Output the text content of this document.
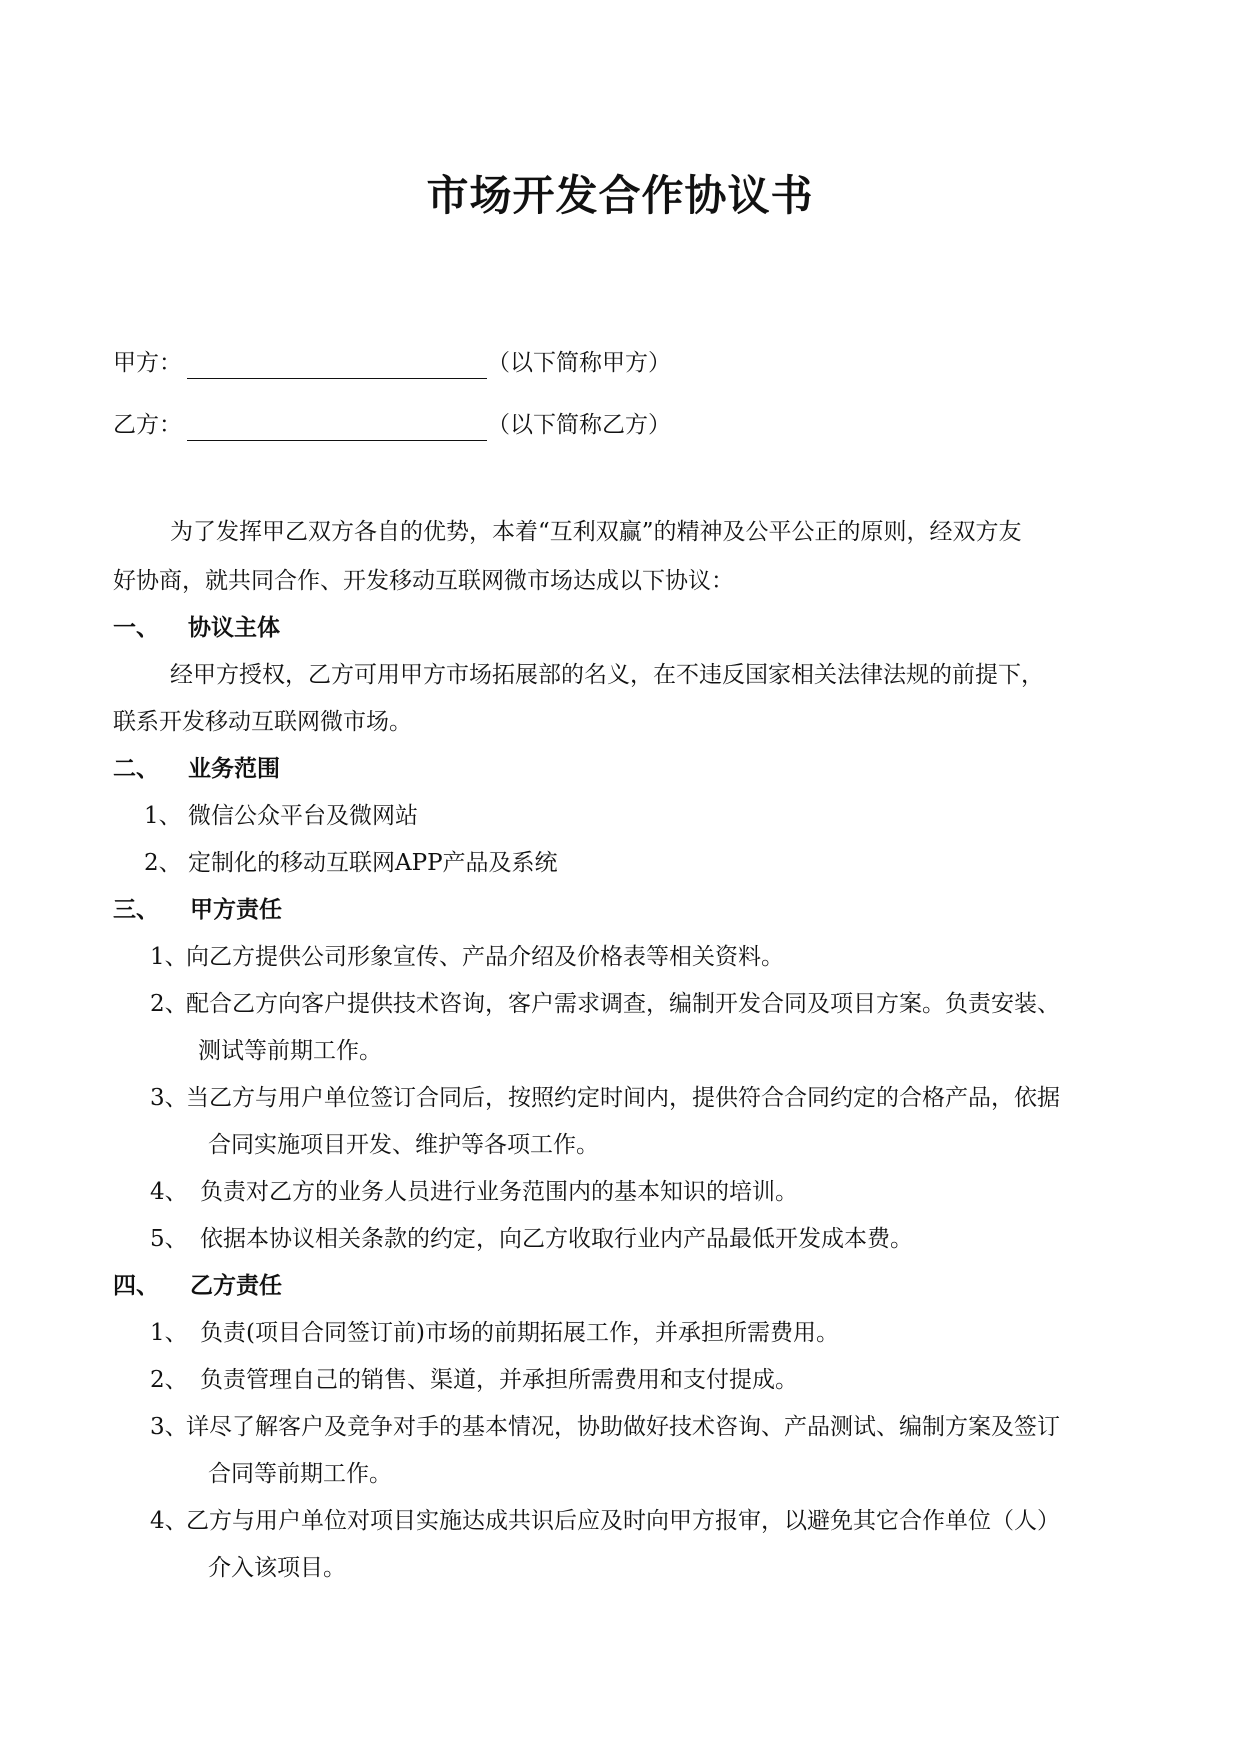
市场开发合作协议书
甲方：	（以下简称甲方）
乙方：	（以下简称乙方）
为了发挥甲乙双方各自的优势，本着“互利双赢”的精神及公平公正的原则，经双方友
好协商，就共同合作、开发移动互联网微市场达成以下协议：
一、 协议主体
经甲方授权，乙方可用甲方市场拓展部的名义，在不违反国家相关法律法规的前提下，
联系开发移动互联网微市场。
二、 业务范围
1、 微信公众平台及微网站
2、 定制化的移动互联网APP产品及系统
三、 甲方责任
1、
向乙方提供公司形象宣传、产品介绍及价格表等相关资料。
2、
配合乙方向客户提供技术咨询，客户需求调查，编制开发合同及项目方案。负责安装、
测试等前期工作。
3、
当乙方与用户单位签订合同后，按照约定时间内，提供符合合同约定的合格产品，依据
合同实施项目开发、维护等各项工作。
4、 负责对乙方的业务人员进行业务范围内的基本知识的培训。
5、 依据本协议相关条款的约定，向乙方收取行业内产品最低开发成本费。
四、 乙方责任
1、 负责(项目合同签订前)市场的前期拓展工作，并承担所需费用。
2、 负责管理自己的销售、渠道，并承担所需费用和支付提成。
3、
详尽了解客户及竞争对手的基本情况，协助做好技术咨询、产品测试、编制方案及签订
合同等前期工作。
4、
乙方与用户单位对项目实施达成共识后应及时向甲方报审，以避免其它合作单位（人）
介入该项目。
